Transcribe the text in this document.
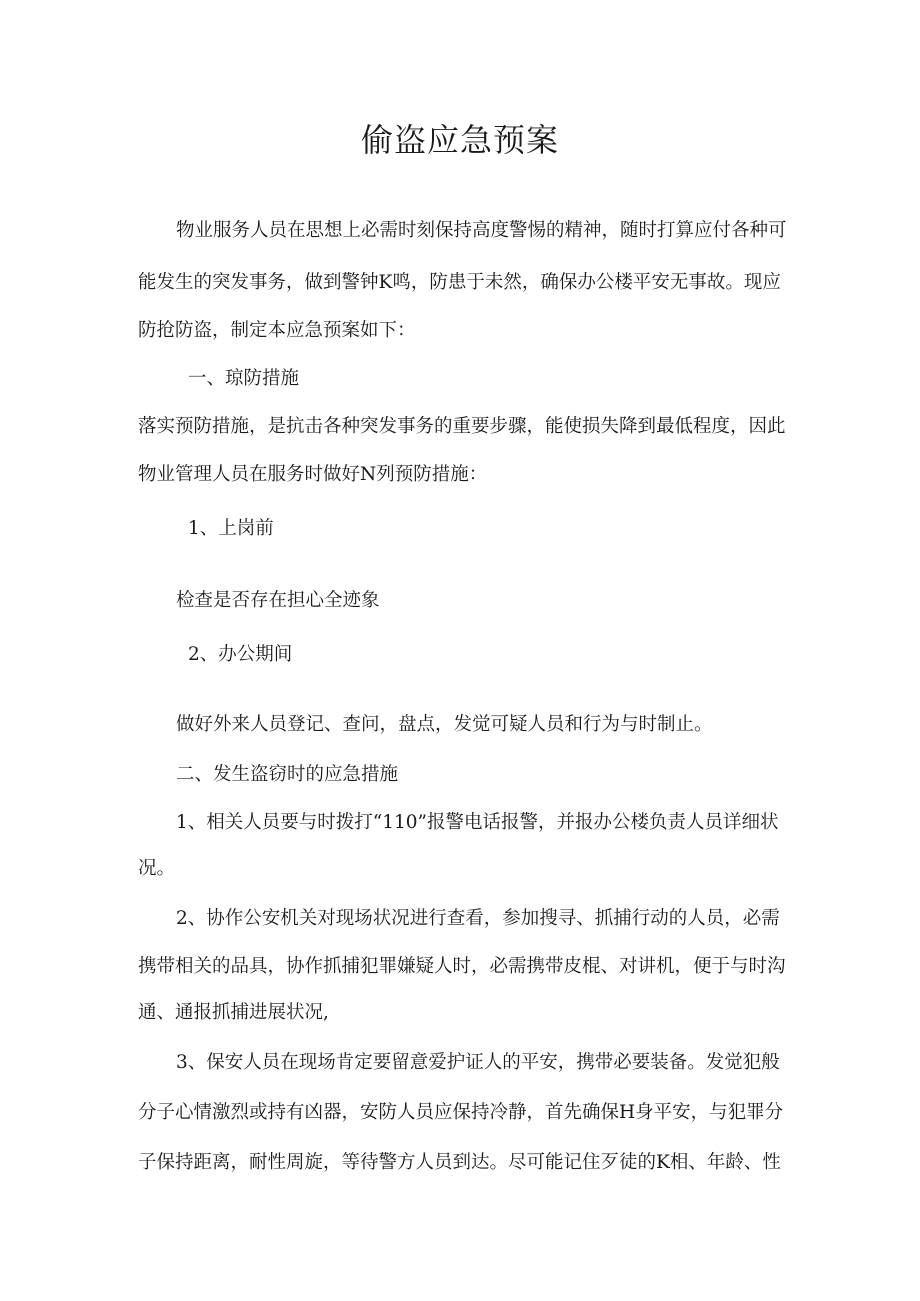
偷盗应急预案

物业服务人员在思想上必需时刻保持高度警惕的精神，随时打算应付各种可

能发生的突发事务，做到警钟K鸣，防患于未然，确保办公楼平安无事故。现应

防抢防盗，制定本应急预案如下：

一、琼防措施

落实预防措施，是抗击各种突发事务的重要步骤，能使损失降到最低程度，因此

物业管理人员在服务时做好N列预防措施：

1、上岗前

检查是否存在担心全迹象

2、办公期间

做好外来人员登记、查问，盘点，发觉可疑人员和行为与时制止。

二、发生盗窃时的应急措施

1、相关人员要与时拨打“110”报警电话报警，并报办公楼负责人员详细状

况。

2、协作公安机关对现场状况进行查看，参加搜寻、抓捕行动的人员，必需

携带相关的品具，协作抓捕犯罪嫌疑人时，必需携带皮棍、对讲机，便于与时沟

通、通报抓捕进展状况,

3、保安人员在现场肯定要留意爱护证人的平安，携带必要装备。发觉犯般

分子心情激烈或持有凶器，安防人员应保持冷静，首先确保H身平安，与犯罪分

子保持距离，耐性周旋，等待警方人员到达。尽可能记住歹徒的K相、年龄、性
